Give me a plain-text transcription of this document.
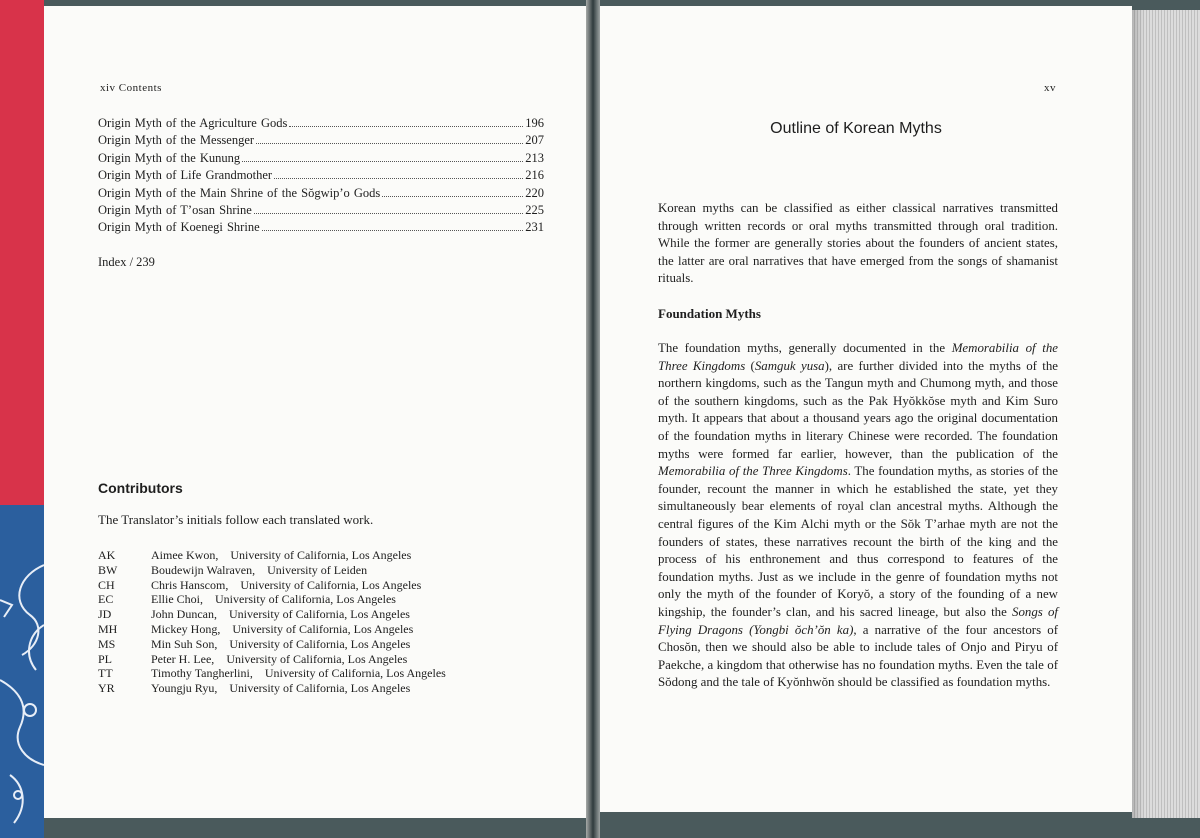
xiv Contents
Origin Myth of the Agriculture Gods	196
Origin Myth of the Messenger	207
Origin Myth of the Kunung	213
Origin Myth of Life Grandmother	216
Origin Myth of the Main Shrine of the Sŏgwip’o Gods	220
Origin Myth of T’osan Shrine	225
Origin Myth of Koenegi Shrine	231
Index / 239
Contributors
The Translator’s initials follow each translated work.
AK	Aimee Kwon, University of California, Los Angeles
BW	Boudewijn Walraven, University of Leiden
CH	Chris Hanscom, University of California, Los Angeles
EC	Ellie Choi, University of California, Los Angeles
JD	John Duncan, University of California, Los Angeles
MH	Mickey Hong, University of California, Los Angeles
MS	Min Suh Son, University of California, Los Angeles
PL	Peter H. Lee, University of California, Los Angeles
TT	Timothy Tangherlini, University of California, Los Angeles
YR	Youngju Ryu, University of California, Los Angeles
xv
Outline of Korean Myths

Korean myths can be classified as either classical narratives transmitted through written records or oral myths transmitted through oral tradition. While the former are generally stories about the founders of ancient states, the latter are oral narratives that have emerged from the songs of shamanist rituals.

Foundation Myths

The foundation myths, generally documented in the Memorabilia of the Three Kingdoms (Samguk yusa), are further divided into the myths of the northern kingdoms, such as the Tangun myth and Chumong myth, and those of the southern kingdoms, such as the Pak Hyŏkkŏse myth and Kim Suro myth. It appears that about a thousand years ago the original documentation of the foundation myths in literary Chinese were recorded. The foundation myths were formed far earlier, however, than the publication of the Memorabilia of the Three Kingdoms. The foundation myths, as stories of the founder, recount the manner in which he established the state, yet they simultaneously bear elements of royal clan ancestral myths. Although the central figures of the Kim Alchi myth or the Sŏk T’arhae myth are not the founders of states, these narratives recount the birth of the king and the process of his enthronement and thus correspond to features of the foundation myths. Just as we include in the genre of foundation myths not only the myth of the founder of Koryŏ, a story of the founding of a new kingship, the founder’s clan, and his sacred lineage, but also the Songs of Flying Dragons (Yongbi ŏch’ŏn ka), a narrative of the four ancestors of Chosŏn, then we should also be able to include tales of Onjo and Piryu of Paekche, a kingdom that otherwise has no foundation myths. Even the tale of Sŏdong and the tale of Kyŏnhwŏn should be classified as foundation myths.
